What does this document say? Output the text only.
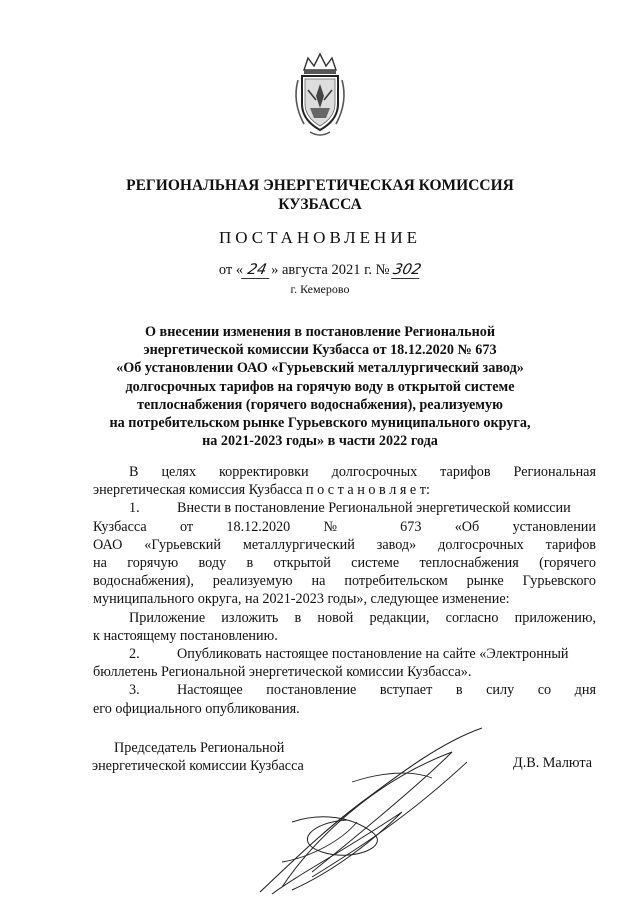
РЕГИОНАЛЬНАЯ ЭНЕРГЕТИЧЕСКАЯ КОМИССИЯ
КУЗБАССА
ПОСТАНОВЛЕНИЕ
от « 24 » августа 2021 г. № 302
г. Кемерово
О внесении изменения в постановление Региональной
энергетической комиссии Кузбасса от 18.12.2020 № 673
«Об установлении ОАО «Гурьевский металлургический завод»
долгосрочных тарифов на горячую воду в открытой системе
теплоснабжения (горячего водоснабжения), реализуемую
на потребительском рынке Гурьевского муниципального округа,
на 2021-2023 годы» в части 2022 года
В целях корректировки долгосрочных тарифов Региональная
энергетическая комиссия Кузбасса п о с т а н о в л я е т:
1.	Внести в постановление Региональной энергетической комиссии
Кузбасса от 18.12.2020 № 673 «Об установлении
ОАО «Гурьевский металлургический завод» долгосрочных тарифов
на горячую воду в открытой системе теплоснабжения (горячего
водоснабжения), реализуемую на потребительском рынке Гурьевского
муниципального округа, на 2021-2023 годы», следующее изменение:
Приложение изложить в новой редакции, согласно приложению,
к настоящему постановлению.
2.	Опубликовать настоящее постановление на сайте «Электронный
бюллетень Региональной энергетической комиссии Кузбасса».
3.	Настоящее постановление вступает в силу со дня
его официального опубликования.
Председатель Региональной
энергетической комиссии Кузбасса	Д.В. Малюта
